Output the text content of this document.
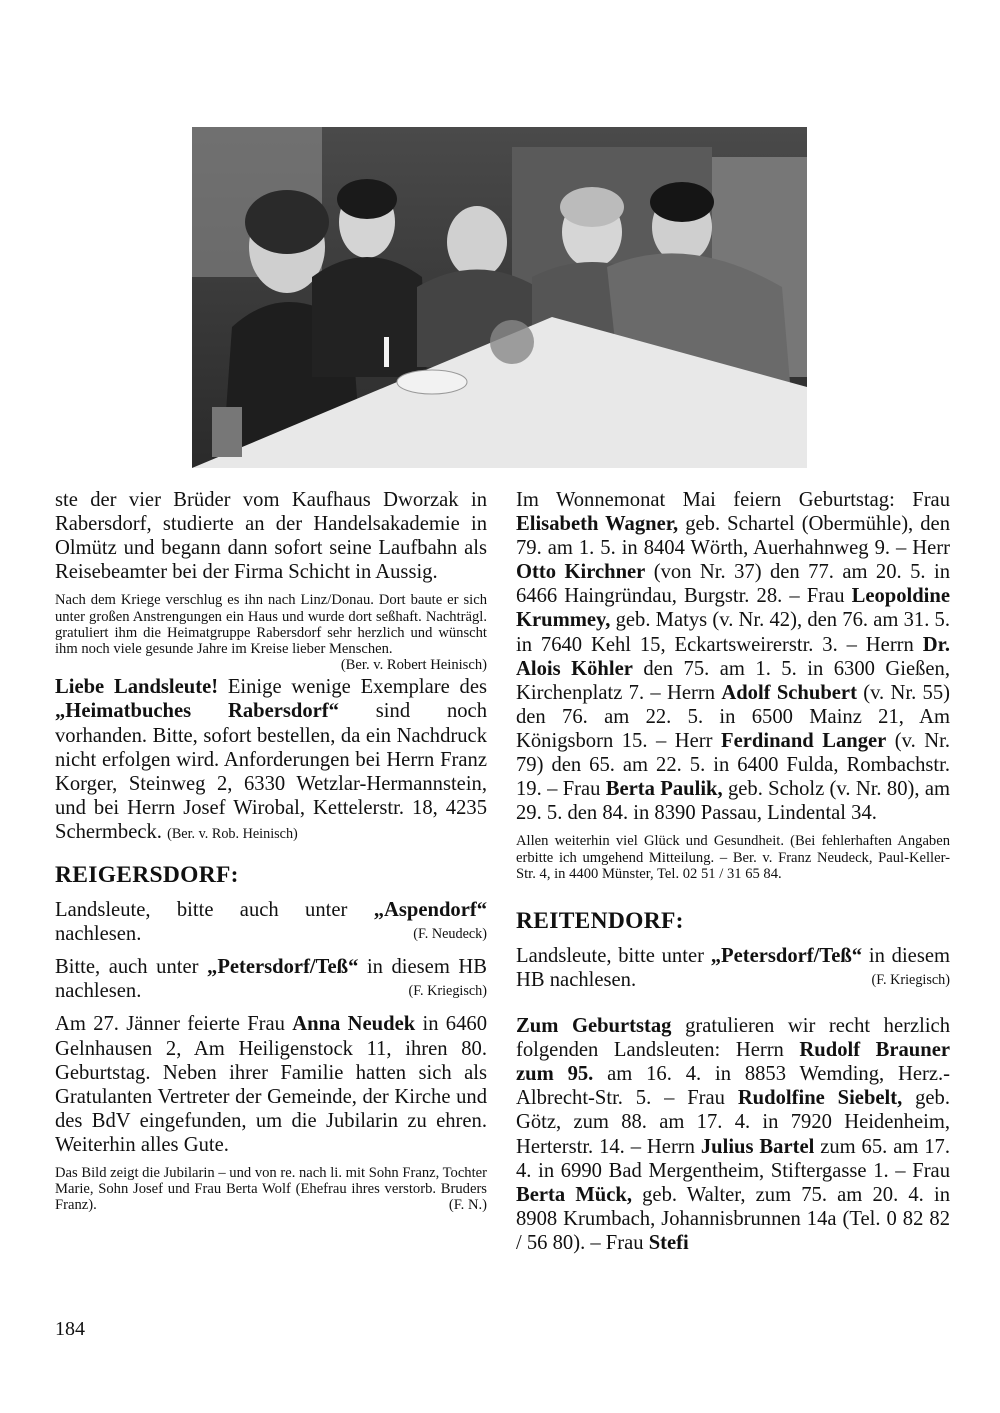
ste der vier Brüder vom Kaufhaus Dworzak in Rabersdorf, studierte an der Handelsakademie in Olmütz und begann dann sofort seine Laufbahn als Reisebeamter bei der Firma Schicht in Aussig.

Nach dem Kriege verschlug es ihn nach Linz/Donau. Dort baute er sich unter großen Anstrengungen ein Haus und wurde dort seßhaft. Nachträgl. gratuliert ihm die Heimatgruppe Rabersdorf sehr herzlich und wünscht ihm noch viele gesunde Jahre im Kreise lieber Menschen.

(Ber. v. Robert Heinisch)

Liebe Landsleute! Einige wenige Exemplare des „Heimatbuches Rabersdorf“ sind noch vorhanden. Bitte, sofort bestellen, da ein Nachdruck nicht erfolgen wird. Anforderungen bei Herrn Franz Korger, Steinweg 2, 6330 Wetzlar-Hermannstein, und bei Herrn Josef Wirobal, Kettelerstr. 18, 4235 Schermbeck. (Ber. v. Rob. Heinisch)

REIGERSDORF:

Landsleute, bitte auch unter „Aspendorf“ nachlesen.	(F. Neudeck)

Bitte, auch unter „Petersdorf/Teß“ in diesem HB nachlesen.	(F. Kriegisch)

Am 27. Jänner feierte Frau Anna Neudek in 6460 Gelnhausen 2, Am Heiligenstock 11, ihren 80. Geburtstag. Neben ihrer Familie hatten sich als Gratulanten Vertreter der Gemeinde, der Kirche und des BdV eingefunden, um die Jubilarin zu ehren. Weiterhin alles Gute.

Das Bild zeigt die Jubilarin – und von re. nach li. mit Sohn Franz, Tochter Marie, Sohn Josef und Frau Berta Wolf (Ehefrau ihres verstorb. Bruders Franz).	(F. N.)

Im Wonnemonat Mai feiern Geburtstag: Frau Elisabeth Wagner, geb. Schartel (Obermühle), den 79. am 1. 5. in 8404 Wörth, Auerhahnweg 9. – Herr Otto Kirchner (von Nr. 37) den 77. am 20. 5. in 6466 Haingründau, Burgstr. 28. – Frau Leopoldine Krummey, geb. Matys (v. Nr. 42), den 76. am 31. 5. in 7640 Kehl 15, Eckartsweirerstr. 3. – Herrn Dr. Alois Köhler den 75. am 1. 5. in 6300 Gießen, Kirchenplatz 7. – Herrn Adolf Schubert (v. Nr. 55) den 76. am 22. 5. in 6500 Mainz 21, Am Königsborn 15. – Herr Ferdinand Langer (v. Nr. 79) den 65. am 22. 5. in 6400 Fulda, Rombachstr. 19. – Frau Berta Paulik, geb. Scholz (v. Nr. 80), am 29. 5. den 84. in 8390 Passau, Lindental 34.

Allen weiterhin viel Glück und Gesundheit. (Bei fehlerhaften Angaben erbitte ich umgehend Mitteilung. – Ber. v. Franz Neudeck, Paul-Keller-Str. 4, in 4400 Münster, Tel. 02 51 / 31 65 84.

REITENDORF:

Landsleute, bitte unter „Petersdorf/Teß“ in diesem HB nachlesen.	(F. Kriegisch)

Zum Geburtstag gratulieren wir recht herzlich folgenden Landsleuten: Herrn Rudolf Brauner zum 95. am 16. 4. in 8853 Wemding, Herz.-Albrecht-Str. 5. – Frau Rudolfine Siebelt, geb. Götz, zum 88. am 17. 4. in 7920 Heidenheim, Herterstr. 14. – Herrn Julius Bartel zum 65. am 17. 4. in 6990 Bad Mergentheim, Stiftergasse 1. – Frau Berta Mück, geb. Walter, zum 75. am 20. 4. in 8908 Krumbach, Johannisbrunnen 14a (Tel. 0 82 82 / 56 80). – Frau Stefi

184
